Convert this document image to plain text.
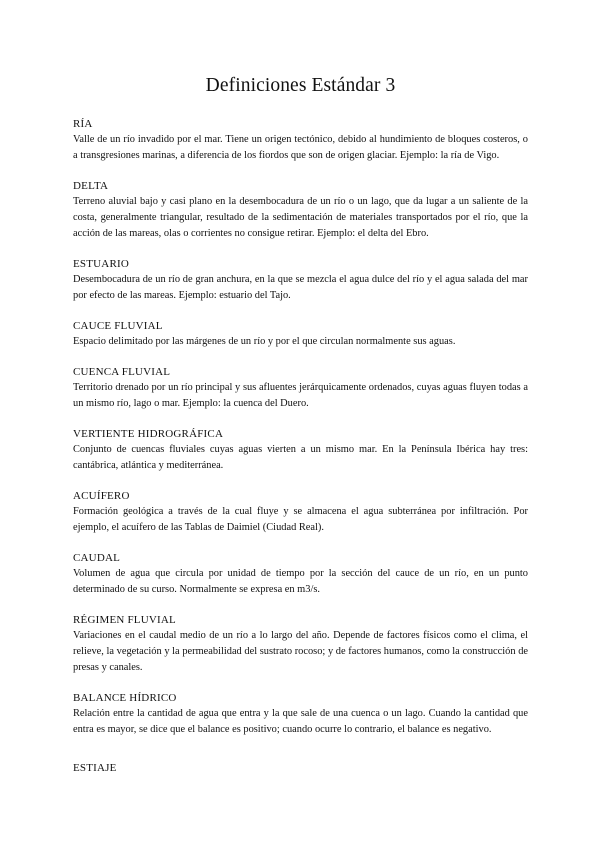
Definiciones Estándar 3

RÍA

Valle de un río invadido por el mar. Tiene un origen tectónico, debido al hundimiento de bloques costeros, o a transgresiones marinas, a diferencia de los fiordos que son de origen glaciar. Ejemplo: la ría de Vigo.

DELTA

Terreno aluvial bajo y casi plano en la desembocadura de un río o un lago, que da lugar a un saliente de la costa, generalmente triangular, resultado de la sedimentación de materiales transportados por el río, que la acción de las mareas, olas o corrientes no consigue retirar. Ejemplo: el delta del Ebro.

ESTUARIO

Desembocadura de un río de gran anchura, en la que se mezcla el agua dulce del río y el agua salada del mar por efecto de las mareas. Ejemplo: estuario del Tajo.

CAUCE FLUVIAL

Espacio delimitado por las márgenes de un río y por el que circulan normalmente sus aguas.

CUENCA FLUVIAL

Territorio drenado por un río principal y sus afluentes jerárquicamente ordenados, cuyas aguas fluyen todas a un mismo río, lago o mar. Ejemplo: la cuenca del Duero.

VERTIENTE HIDROGRÁFICA

Conjunto de cuencas fluviales cuyas aguas vierten a un mismo mar. En la Península Ibérica hay tres: cantábrica, atlántica y mediterránea.

ACUÍFERO

Formación geológica a través de la cual fluye y se almacena el agua subterránea por infiltración. Por ejemplo, el acuífero de las Tablas de Daimiel (Ciudad Real).

CAUDAL

Volumen de agua que circula por unidad de tiempo por la sección del cauce de un río, en un punto determinado de su curso. Normalmente se expresa en m3/s.

RÉGIMEN FLUVIAL

Variaciones en el caudal medio de un río a lo largo del año. Depende de factores físicos como el clima, el relieve, la vegetación y la permeabilidad del sustrato rocoso; y de factores humanos, como la construcción de presas y canales.

BALANCE HÍDRICO

Relación entre la cantidad de agua que entra y la que sale de una cuenca o un lago. Cuando la cantidad que entra es mayor, se dice que el balance es positivo; cuando ocurre lo contrario, el balance es negativo.

ESTIAJE
